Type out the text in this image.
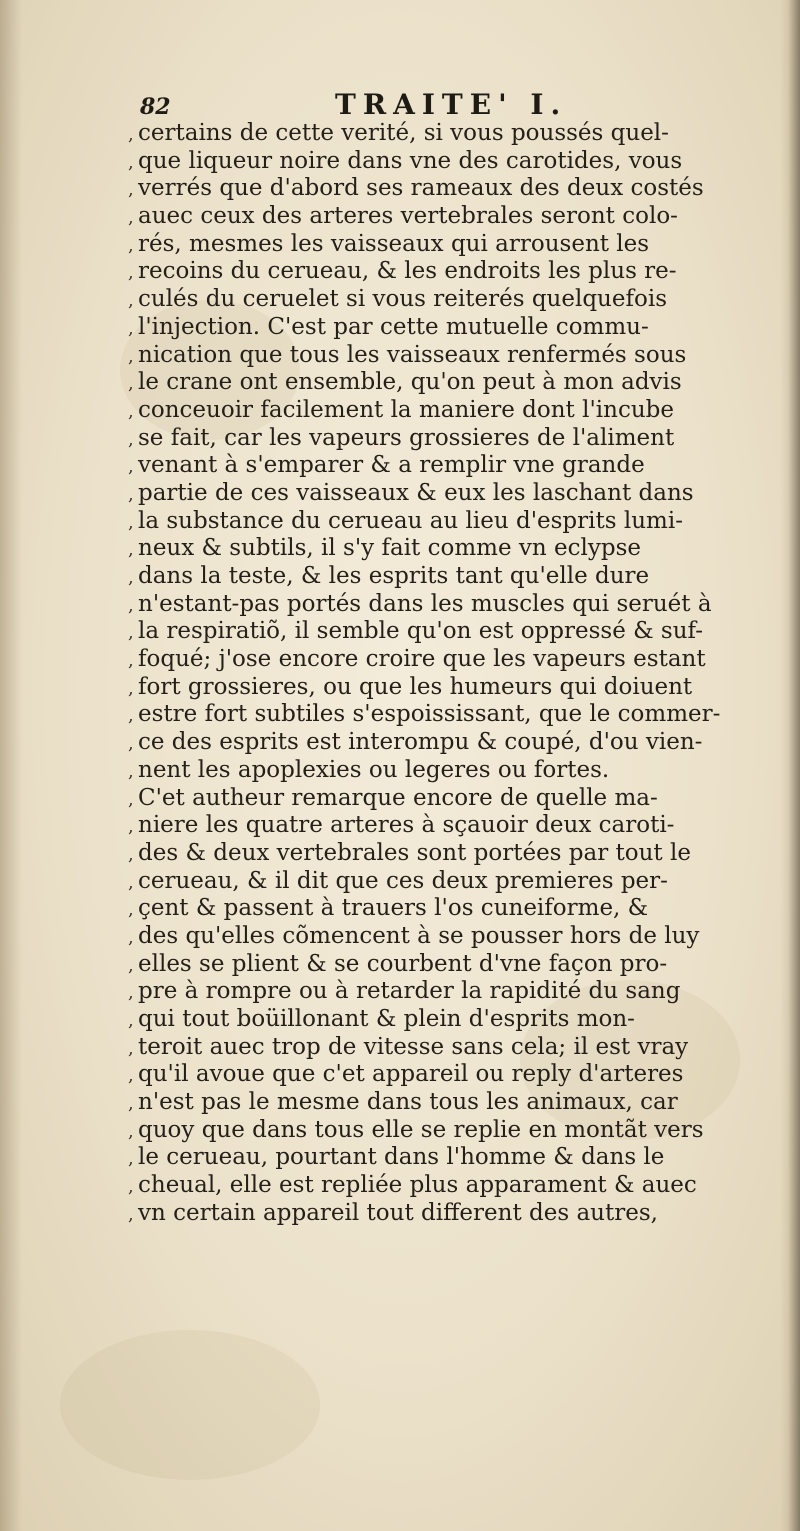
82	TRAITE' I.
, certains de cette verité, si vous poussés quel-
, que liqueur noire dans vne des carotides, vous
, verrés que d'abord ses rameaux des deux costés
, auec ceux des arteres vertebrales seront colo-
, rés, mesmes les vaisseaux qui arrousent les
, recoins du cerueau, & les endroits les plus re-
, culés du ceruelet si vous reiterés quelquefois
, l'injection. C'est par cette mutuelle commu-
, nication que tous les vaisseaux renfermés sous
, le crane ont ensemble, qu'on peut à mon advis
, conceuoir facilement la maniere dont l'incube
, se fait, car les vapeurs grossieres de l'aliment
, venant à s'emparer & a remplir vne grande
, partie de ces vaisseaux & eux les laschant dans
, la substance du cerueau au lieu d'esprits lumi-
, neux & subtils, il s'y fait comme vn eclypse
, dans la teste, & les esprits tant qu'elle dure
, n'estant-pas portés dans les muscles qui seruét à
, la respiratiõ, il semble qu'on est oppressé & suf-
, foqué; j'ose encore croire que les vapeurs estant
, fort grossieres, ou que les humeurs qui doiuent
, estre fort subtiles s'espoississant, que le commer-
, ce des esprits est interompu & coupé, d'ou vien-
, nent les apoplexies ou legeres ou fortes.
, C'et autheur remarque encore de quelle ma-
, niere les quatre arteres à sçauoir deux caroti-
, des & deux vertebrales sont portées par tout le
, cerueau, & il dit que ces deux premieres per-
, çent & passent à trauers l'os cuneiforme, &
, des qu'elles cõmencent à se pousser hors de luy
, elles se plient & se courbent d'vne façon pro-
, pre à rompre ou à retarder la rapidité du sang
, qui tout boüillonant & plein d'esprits mon-
, teroit auec trop de vitesse sans cela; il est vray
, qu'il avoue que c'et appareil ou reply d'arteres
, n'est pas le mesme dans tous les animaux, car
, quoy que dans tous elle se replie en montãt vers
, le cerueau, pourtant dans l'homme & dans le
, cheual, elle est repliée plus apparament & auec
, vn certain appareil tout different des autres,
